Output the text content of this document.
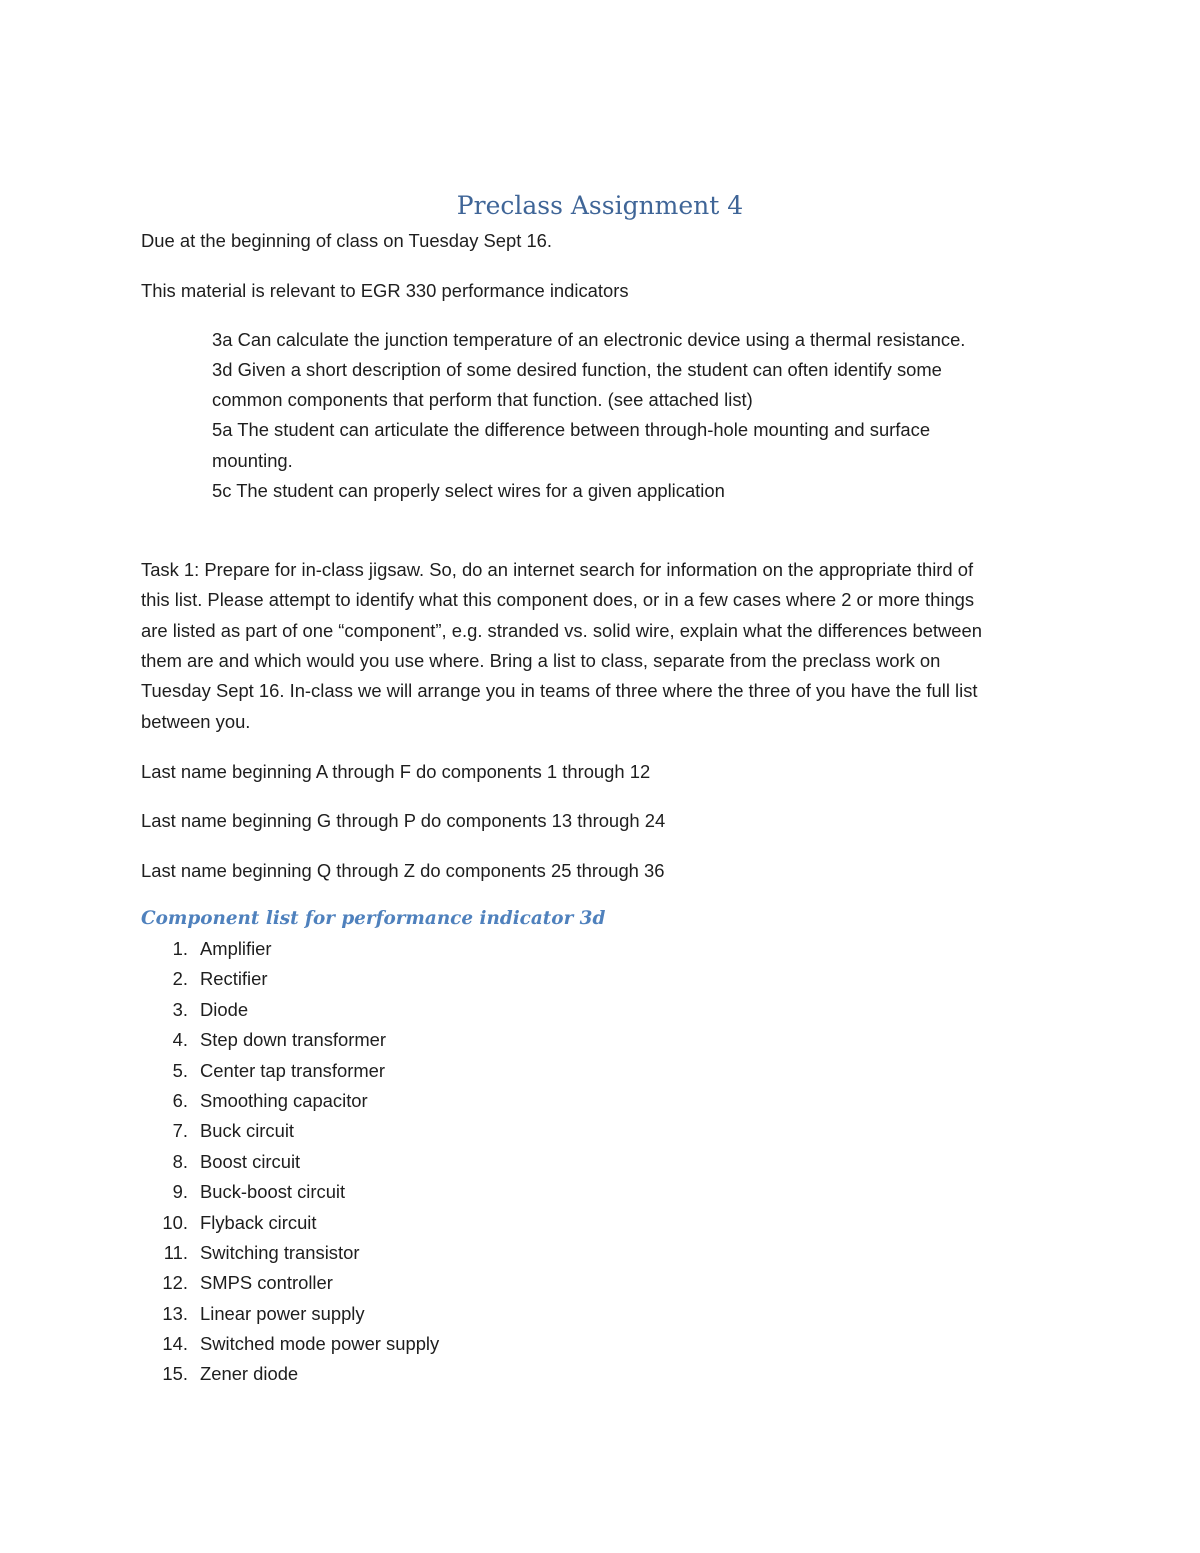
Preclass Assignment 4
Due at the beginning of class on Tuesday Sept 16.
This material is relevant to EGR 330 performance indicators
3a Can calculate the junction temperature of an electronic device using a thermal resistance.
3d Given a short description of some desired function, the student can often identify some
common components that perform that function. (see attached list)
5a The student can articulate the difference between through-hole mounting and surface
mounting.
5c The student can properly select wires for a given application
Task 1: Prepare for in-class jigsaw. So, do an internet search for information on the appropriate third of
this list. Please attempt to identify what this component does, or in a few cases where 2 or more things
are listed as part of one “component”, e.g. stranded vs. solid wire, explain what the differences between
them are and which would you use where. Bring a list to class, separate from the preclass work on
Tuesday Sept 16. In-class we will arrange you in teams of three where the three of you have the full list
between you.
Last name beginning A through F do components 1 through 12
Last name beginning G through P do components 13 through 24
Last name beginning Q through Z do components 25 through 36
Component list for performance indicator 3d
1. Amplifier
2. Rectifier
3. Diode
4. Step down transformer
5. Center tap transformer
6. Smoothing capacitor
7. Buck circuit
8. Boost circuit
9. Buck-boost circuit
10. Flyback circuit
11. Switching transistor
12. SMPS controller
13. Linear power supply
14. Switched mode power supply
15. Zener diode
